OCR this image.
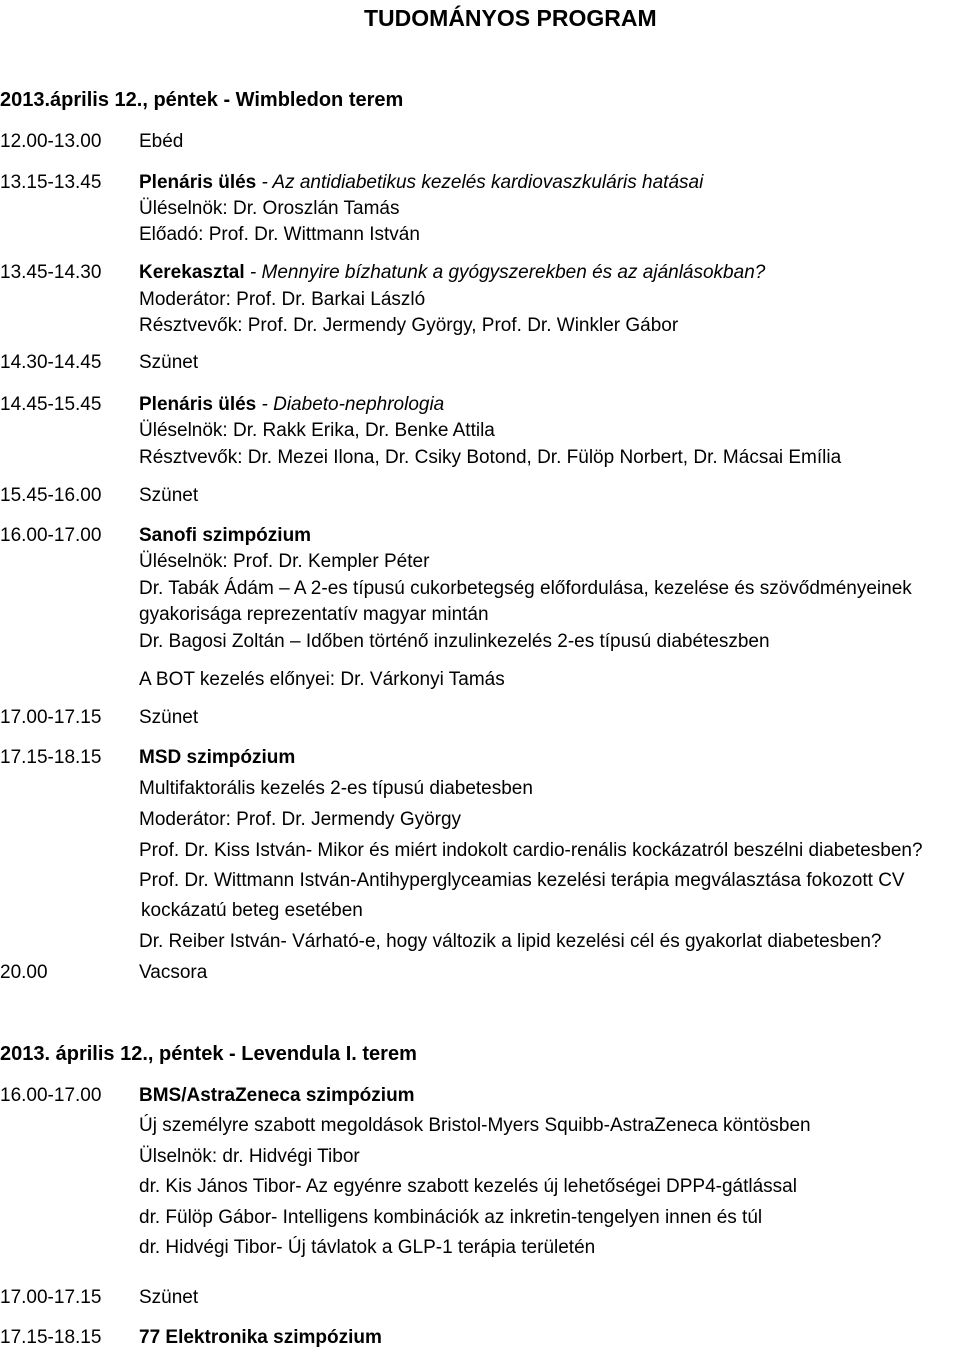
TUDOMÁNYOS PROGRAM
2013.április 12., péntek - Wimbledon terem
12.00-13.00 Ebéd
13.15-13.45 Plenáris ülés - Az antidiabetikus kezelés kardiovaszkuláris hatásai
Üléselnök: Dr. Oroszlán Tamás
Előadó: Prof. Dr. Wittmann István
13.45-14.30 Kerekasztal - Mennyire bízhatunk a gyógyszerekben és az ajánlásokban?
Moderátor: Prof. Dr. Barkai László
Résztvevők: Prof. Dr. Jermendy György, Prof. Dr. Winkler Gábor
14.30-14.45 Szünet
14.45-15.45 Plenáris ülés - Diabeto-nephrologia
Üléselnök: Dr. Rakk Erika, Dr. Benke Attila
Résztvevők: Dr. Mezei Ilona, Dr. Csiky Botond, Dr. Fülöp Norbert, Dr. Mácsai Emília
15.45-16.00 Szünet
16.00-17.00 Sanofi szimpózium
Üléselnök: Prof. Dr. Kempler Péter
Dr. Tabák Ádám – A 2-es típusú cukorbetegség előfordulása, kezelése és szövődményeinek
gyakorisága reprezentatív magyar mintán
Dr. Bagosi Zoltán – Időben történő inzulinkezelés 2-es típusú diabéteszben
A BOT kezelés előnyei: Dr. Várkonyi Tamás
17.00-17.15 Szünet
17.15-18.15 MSD szimpózium
Multifaktorális kezelés 2-es típusú diabetesben
Moderátor: Prof. Dr. Jermendy György
Prof. Dr. Kiss István- Mikor és miért indokolt cardio-renális kockázatról beszélni diabetesben?
Prof. Dr. Wittmann István-Antihyperglyceamias kezelési terápia megválasztása fokozott CV
kockázatú beteg esetében
Dr. Reiber István- Várható-e, hogy változik a lipid kezelési cél és gyakorlat diabetesben?
20.00	Vacsora
2013. április 12., péntek - Levendula I. terem
16.00-17.00 BMS/AstraZeneca szimpózium
Új személyre szabott megoldások Bristol-Myers Squibb-AstraZeneca köntösben
Ülselnök: dr. Hidvégi Tibor
dr. Kis János Tibor- Az egyénre szabott kezelés új lehetőségei DPP4-gátlással
dr. Fülöp Gábor- Intelligens kombinációk az inkretin-tengelyen innen és túl
dr. Hidvégi Tibor- Új távlatok a GLP-1 terápia területén
17.00-17.15 Szünet
17.15-18.15 77 Elektronika szimpózium
